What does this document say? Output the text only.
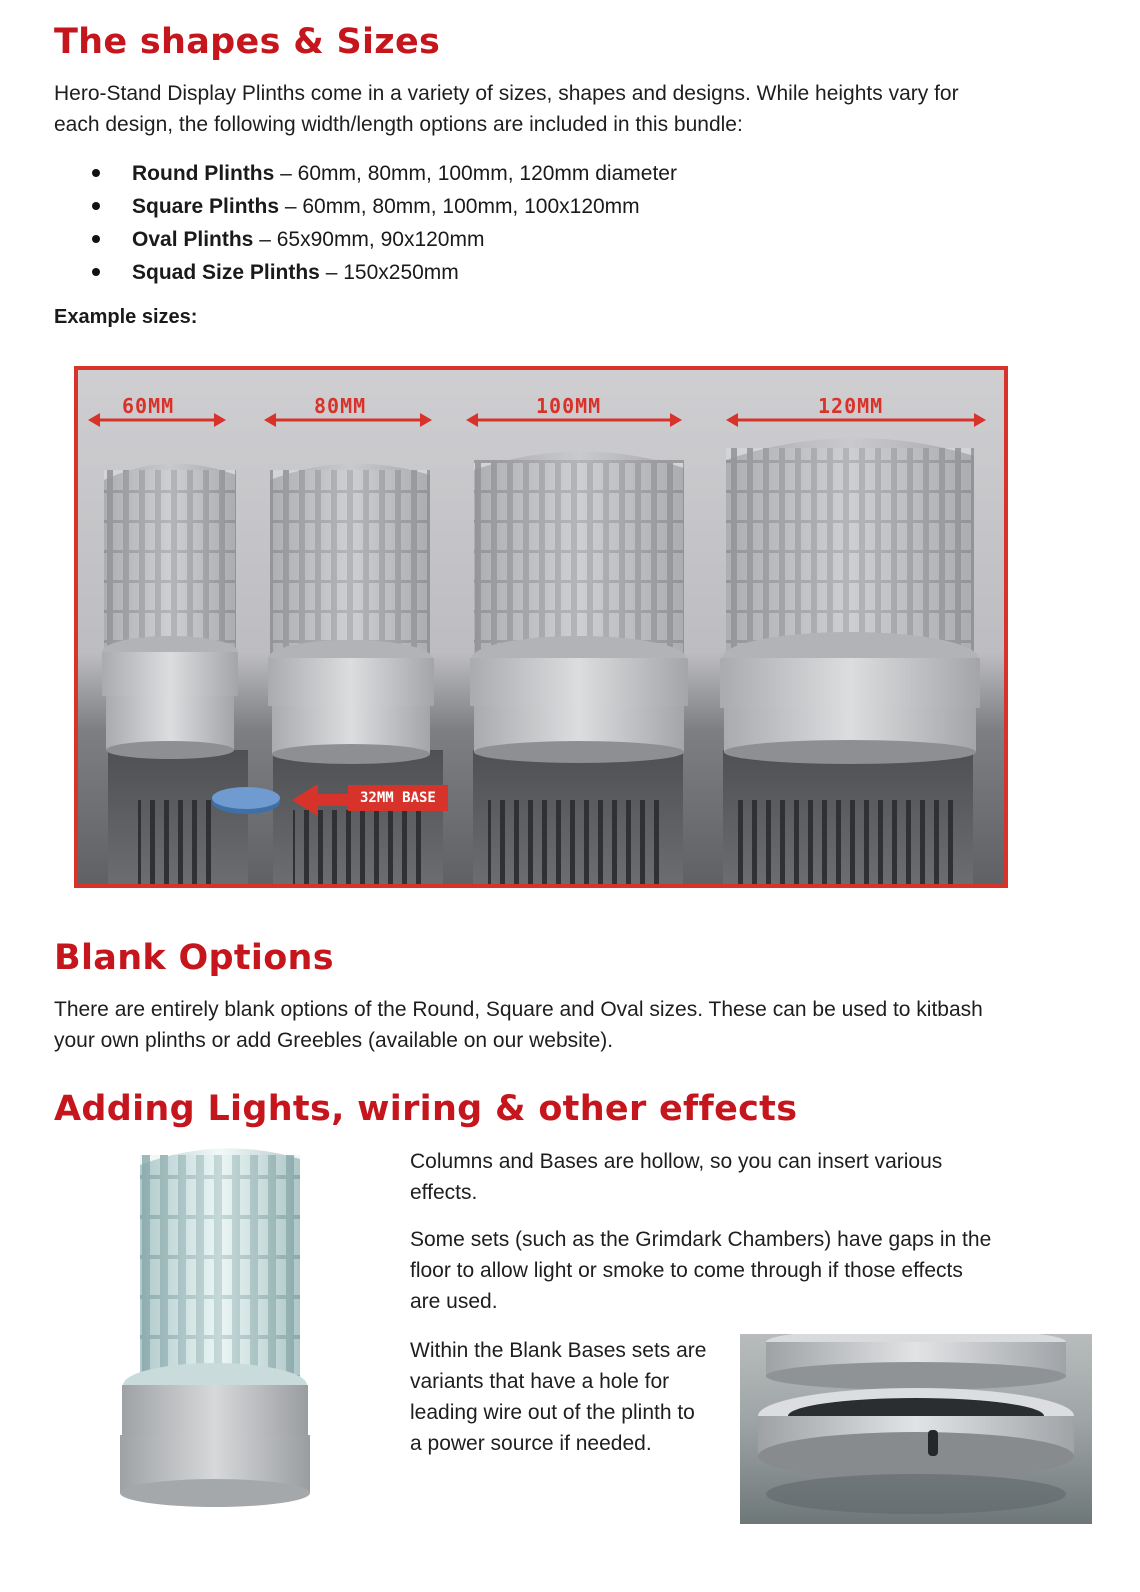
The shapes & Sizes

Hero-Stand Display Plinths come in a variety of sizes, shapes and designs. While heights vary for
each design, the following width/length options are included in this bundle:

Round Plinths – 60mm, 80mm, 100mm, 120mm diameter
Square Plinths – 60mm, 80mm, 100mm, 100x120mm
Oval Plinths – 65x90mm, 90x120mm
Squad Size Plinths – 150x250mm
Example sizes:
60MM	80MM	100MM	120MM
32MM BASE
Blank Options

There are entirely blank options of the Round, Square and Oval sizes. These can be used to kitbash
your own plinths or add Greebles (available on our website).

Adding Lights, wiring & other effects

Columns and Bases are hollow, so you can insert various
effects.

Some sets (such as the Grimdark Chambers) have gaps in the
floor to allow light or smoke to come through if those effects
are used.

Within the Blank Bases sets are
variants that have a hole for
leading wire out of the plinth to
a power source if needed.
